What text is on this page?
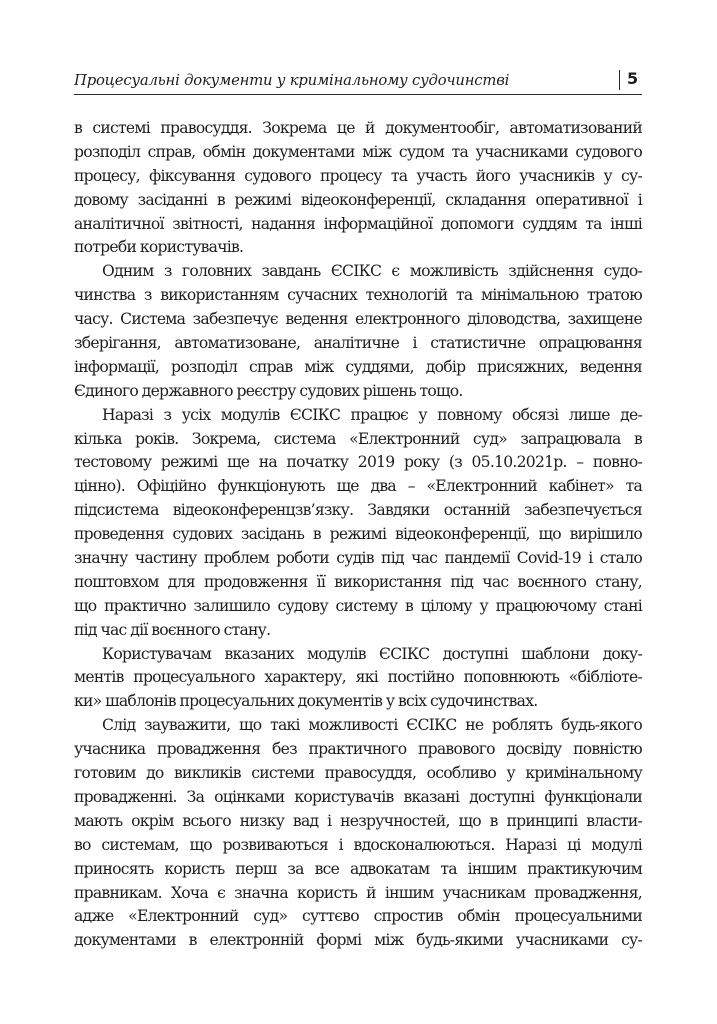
Процесуальні документи у кримінальному судочинстві	5
в системі правосуддя. Зокрема це й документообіг, автоматизований
розподіл справ, обмін документами між судом та учасниками судового
процесу, фіксування судового процесу та участь його учасників у су-
довому засіданні в режимі відеоконференції, складання оперативної і
аналітичної звітності, надання інформаційної допомоги суддям та інші
потреби користувачів.
Одним з головних завдань ЄСІКС є можливість здійснення судо-
чинства з використанням сучасних технологій та мінімальною тратою
часу. Система забезпечує ведення електронного діловодства, захищене
зберігання, автоматизоване, аналітичне і статистичне опрацювання
інформації, розподіл справ між суддями, добір присяжних, ведення
Єдиного державного реєстру судових рішень тощо.
Наразі з усіх модулів ЄСІКС працює у повному обсязі лише де-
кілька років. Зокрема, система «Електронний суд» запрацювала в
тестовому режимі ще на початку 2019 року (з 05.10.2021р. – повно-
цінно). Офіційно функціонують ще два – «Електронний кабінет» та
підсистема відеоконференцзв’язку. Завдяки останній забезпечується
проведення судових засідань в режимі відеоконференції, що вирішило
значну частину проблем роботи судів під час пандемії Covid-19 і стало
поштовхом для продовження її використання під час воєнного стану,
що практично залишило судову систему в цілому у працюючому стані
під час дії воєнного стану.
Користувачам вказаних модулів ЄСІКС доступні шаблони доку-
ментів процесуального характеру, які постійно поповнюють «бібліоте-
ки» шаблонів процесуальних документів у всіх судочинствах.
Слід зауважити, що такі можливості ЄСІКС не роблять будь-якого
учасника провадження без практичного правового досвіду повністю
готовим до викликів системи правосуддя, особливо у кримінальному
провадженні. За оцінками користувачів вказані доступні функціонали
мають окрім всього низку вад і незручностей, що в принципі власти-
во системам, що розвиваються і вдосконалюються. Наразі ці модулі
приносять користь перш за все адвокатам та іншим практикуючим
правникам. Хоча є значна користь й іншим учасникам провадження,
адже «Електронний суд» суттєво спростив обмін процесуальними
документами в електронній формі між будь-якими учасниками су-
